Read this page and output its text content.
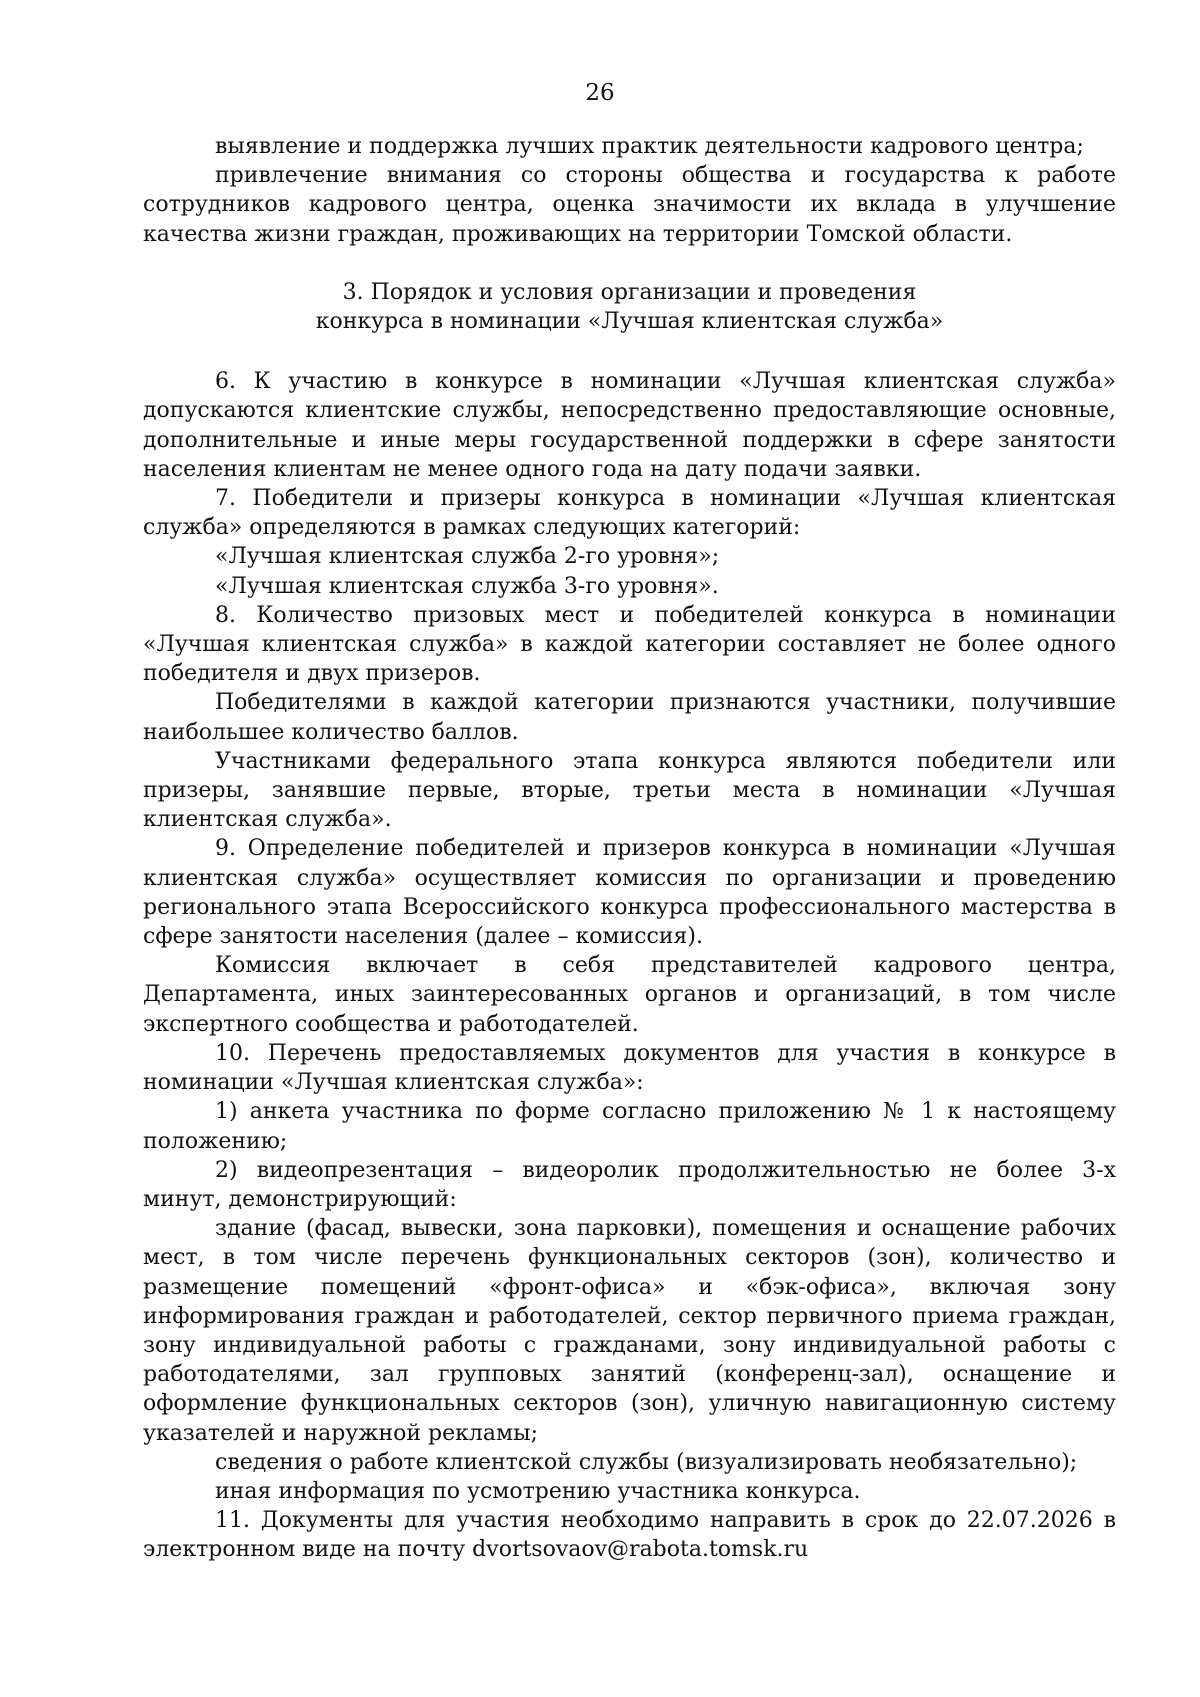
26

выявление и поддержка лучших практик деятельности кадрового центра;

привлечение внимания со стороны общества и государства к работе сотрудников кадрового центра, оценка значимости их вклада в улучшение качества жизни граждан, проживающих на территории Томской области.

3. Порядок и условия организации и проведения
конкурса в номинации «Лучшая клиентская служба»

6. К участию в конкурсе в номинации «Лучшая клиентская служба» допускаются клиентские службы, непосредственно предоставляющие основные, дополнительные и иные меры государственной поддержки в сфере занятости населения клиентам не менее одного года на дату подачи заявки.

7. Победители и призеры конкурса в номинации «Лучшая клиентская служба» определяются в рамках следующих категорий:

«Лучшая клиентская служба 2-го уровня»;

«Лучшая клиентская служба 3-го уровня».

8. Количество призовых мест и победителей конкурса в номинации «Лучшая клиентская служба» в каждой категории составляет не более одного победителя и двух призеров.

Победителями в каждой категории признаются участники, получившие наибольшее количество баллов.

Участниками федерального этапа конкурса являются победители или призеры, занявшие первые, вторые, третьи места в номинации «Лучшая клиентская служба».

9. Определение победителей и призеров конкурса в номинации «Лучшая клиентская служба» осуществляет комиссия по организации и проведению регионального этапа Всероссийского конкурса профессионального мастерства в сфере занятости населения (далее – комиссия).

Комиссия включает в себя представителей кадрового центра, Департамента, иных заинтересованных органов и организаций, в том числе экспертного сообщества и работодателей.

10. Перечень предоставляемых документов для участия в конкурсе в номинации «Лучшая клиентская служба»:

1) анкета участника по форме согласно приложению № 1 к настоящему положению;

2) видеопрезентация – видеоролик продолжительностью не более 3-х минут, демонстрирующий:

здание (фасад, вывески, зона парковки), помещения и оснащение рабочих мест, в том числе перечень функциональных секторов (зон), количество и размещение помещений «фронт-офиса» и «бэк-офиса», включая зону информирования граждан и работодателей, сектор первичного приема граждан, зону индивидуальной работы с гражданами, зону индивидуальной работы с работодателями, зал групповых занятий (конференц-зал), оснащение и оформление функциональных секторов (зон), уличную навигационную систему указателей и наружной рекламы;

сведения о работе клиентской службы (визуализировать необязательно);

иная информация по усмотрению участника конкурса.

11. Документы для участия необходимо направить в срок до 22.07.2026 в электронном виде на почту dvortsovaov@rabota.tomsk.ru
